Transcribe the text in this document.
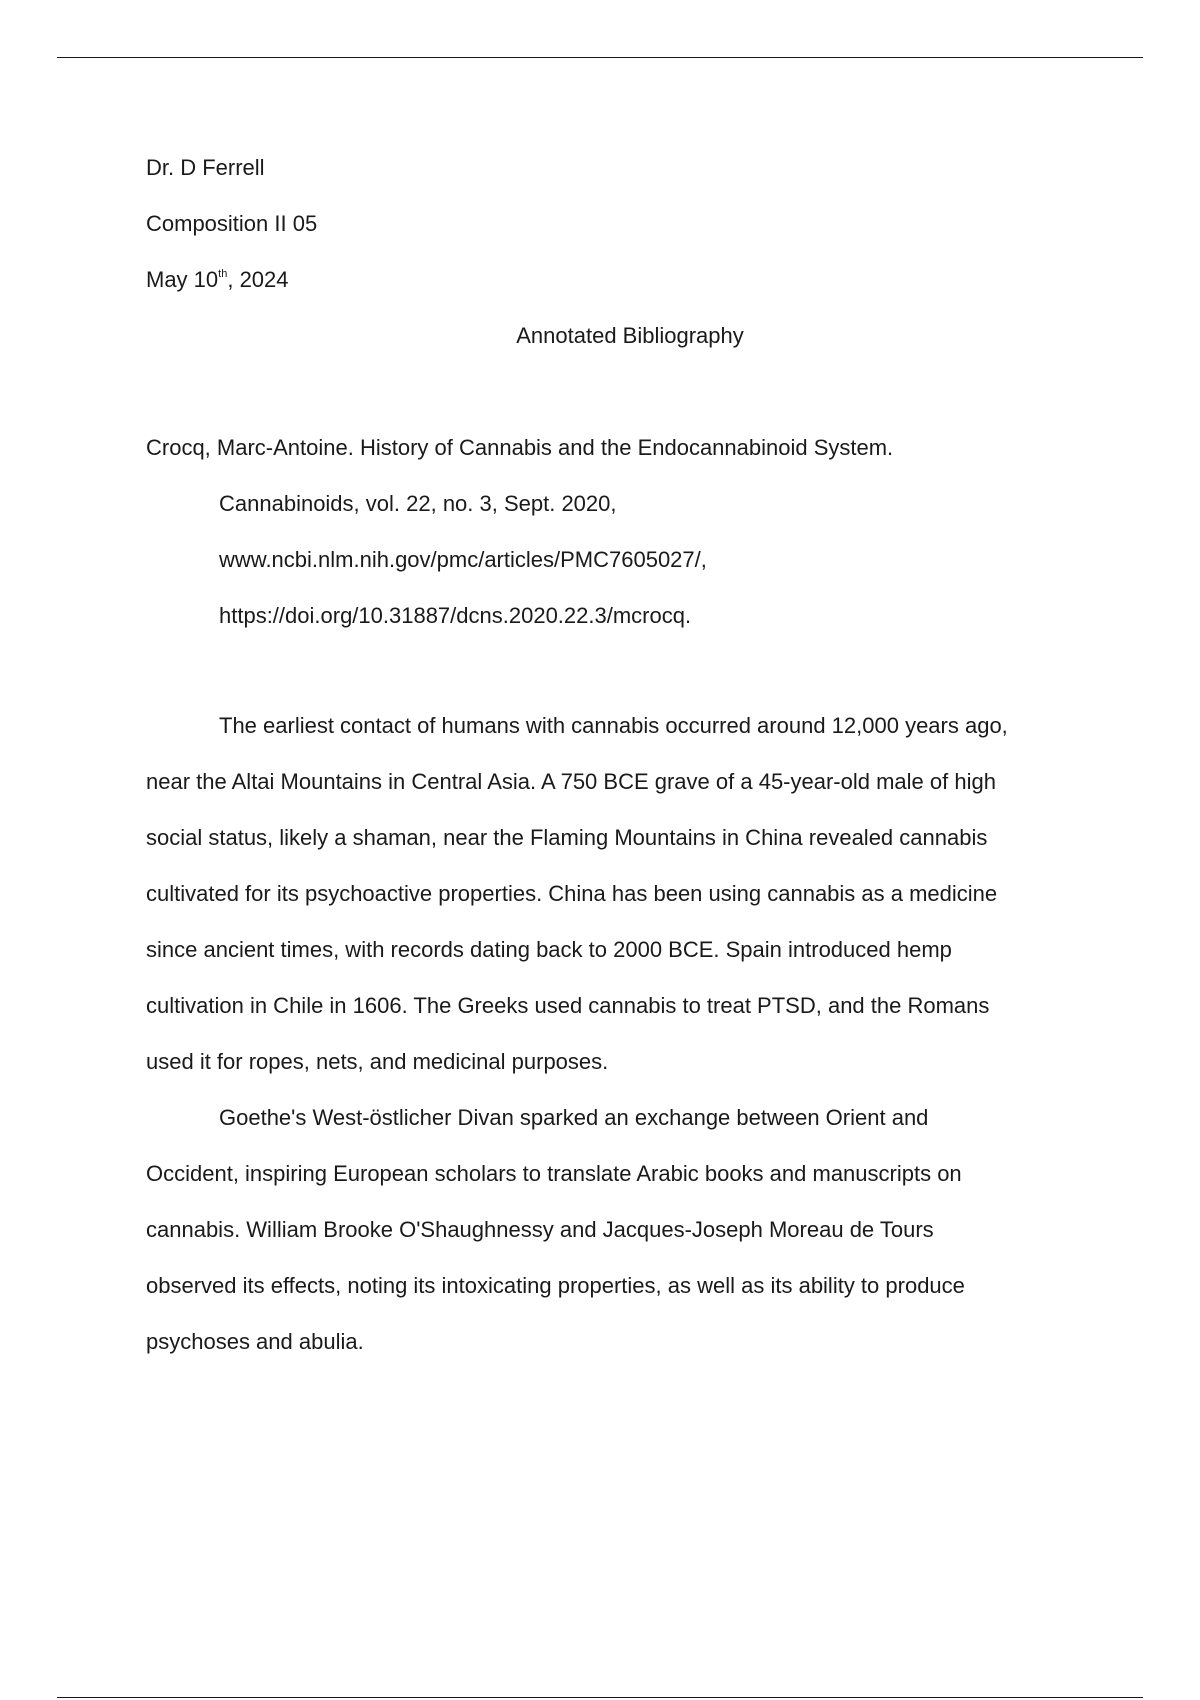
Dr. D Ferrell

Composition II 05

May 10th, 2024

Annotated Bibliography

Crocq, Marc-Antoine. History of Cannabis and the Endocannabinoid System.

Cannabinoids, vol. 22, no. 3, Sept. 2020,

www.ncbi.nlm.nih.gov/pmc/articles/PMC7605027/,

https://doi.org/10.31887/dcns.2020.22.3/mcrocq.

The earliest contact of humans with cannabis occurred around 12,000 years ago,
near the Altai Mountains in Central Asia. A 750 BCE grave of a 45-year-old male of high
social status, likely a shaman, near the Flaming Mountains in China revealed cannabis
cultivated for its psychoactive properties. China has been using cannabis as a medicine
since ancient times, with records dating back to 2000 BCE. Spain introduced hemp
cultivation in Chile in 1606. The Greeks used cannabis to treat PTSD, and the Romans
used it for ropes, nets, and medicinal purposes.
Goethe's West-östlicher Divan sparked an exchange between Orient and
Occident, inspiring European scholars to translate Arabic books and manuscripts on
cannabis. William Brooke O'Shaughnessy and Jacques-Joseph Moreau de Tours
observed its effects, noting its intoxicating properties, as well as its ability to produce
psychoses and abulia.
